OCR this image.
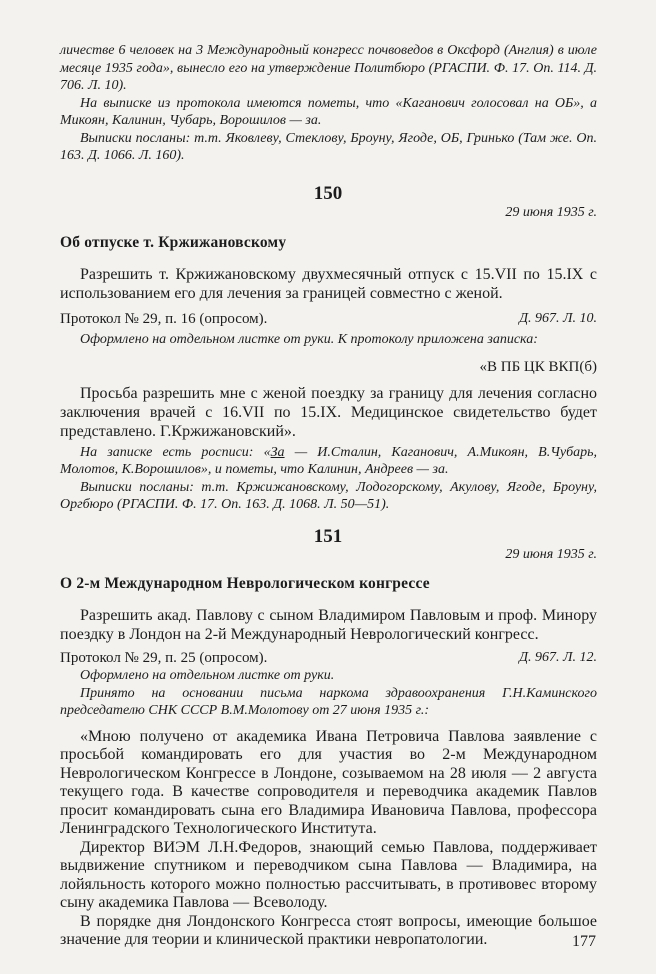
личестве 6 человек на 3 Международный конгресс почвоведов в Оксфорд (Англия) в июле месяце 1935 года», вынесло его на утверждение Политбюро (РГАСПИ. Ф. 17. Оп. 114. Д. 706. Л. 10).

На выписке из протокола имеются пометы, что «Каганович голосовал на ОБ», а Микоян, Калинин, Чубарь, Ворошилов — за.

Выписки посланы: т.т. Яковлеву, Стеклову, Броуну, Ягоде, ОБ, Гринько (Там же. Оп. 163. Д. 1066. Л. 160).

150
29 июня 1935 г.
Об отпуске т. Кржижановскому

Разрешить т. Кржижановскому двухмесячный отпуск с 15.VII по 15.IX с использованием его для лечения за границей совместно с женой.

Протокол № 29, п. 16 (опросом).	Д. 967. Л. 10.

Оформлено на отдельном листке от руки. К протоколу приложена записка:

«В ПБ ЦК ВКП(б)

Просьба разрешить мне с женой поездку за границу для лечения согласно заключения врачей с 16.VII по 15.IX. Медицинское свидетельство будет представлено. Г.Кржижановский».

На записке есть росписи: «За — И.Сталин, Каганович, А.Микоян, В.Чубарь, Молотов, К.Ворошилов», и пометы, что Калинин, Андреев — за.

Выписки посланы: т.т. Кржижановскому, Лодогорскому, Акулову, Ягоде, Броуну, Оргбюро (РГАСПИ. Ф. 17. Оп. 163. Д. 1068. Л. 50—51).

151
29 июня 1935 г.
О 2-м Международном Неврологическом конгрессе

Разрешить акад. Павлову с сыном Владимиром Павловым и проф. Минору поездку в Лондон на 2-й Международный Неврологический конгресс.

Протокол № 29, п. 25 (опросом).	Д. 967. Л. 12.

Оформлено на отдельном листке от руки.

Принято на основании письма наркома здравоохранения Г.Н.Каминского председателю СНК СССР В.М.Молотову от 27 июня 1935 г.:

«Мною получено от академика Ивана Петровича Павлова заявление с просьбой командировать его для участия во 2-м Международном Неврологическом Конгрессе в Лондоне, созываемом на 28 июля — 2 августа текущего года. В качестве сопроводителя и переводчика академик Павлов просит командировать сына его Владимира Ивановича Павлова, профессора Ленинградского Технологического Института.

Директор ВИЭМ Л.Н.Федоров, знающий семью Павлова, поддерживает выдвижение спутником и переводчиком сына Павлова — Владимира, на лойяльность которого можно полностью рассчитывать, в противовес второму сыну академика Павлова — Всеволоду.

В порядке дня Лондонского Конгресса стоят вопросы, имеющие большое значение для теории и клинической практики невропатологии.	177
